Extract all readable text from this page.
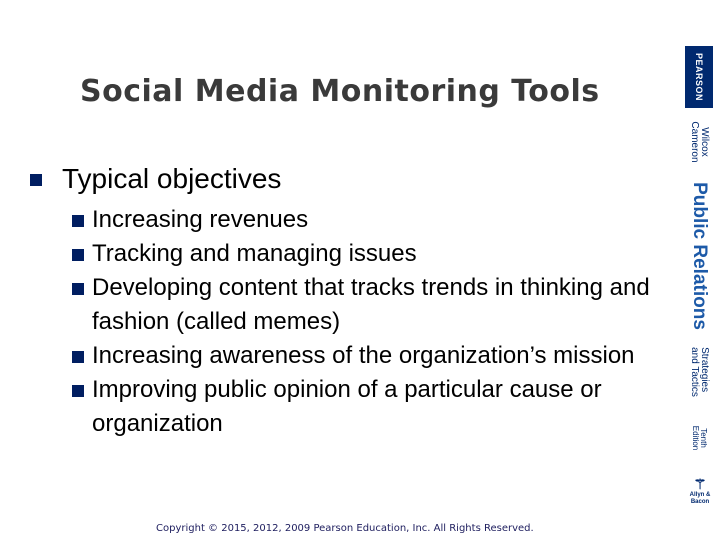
Social Media Monitoring Tools
Typical objectives
Increasing revenues
Tracking and managing issues
Developing content that tracks trends in thinking and fashion (called memes)
Increasing awareness of the organization’s mission
Improving public opinion of a particular cause or organization
Copyright © 2015, 2012, 2009 Pearson Education, Inc. All Rights Reserved.
PEARSON
Wilcox
Cameron
Public Relations
Strategies
and Tactics
Tenth
Edition
⚚
Allyn &
Bacon
